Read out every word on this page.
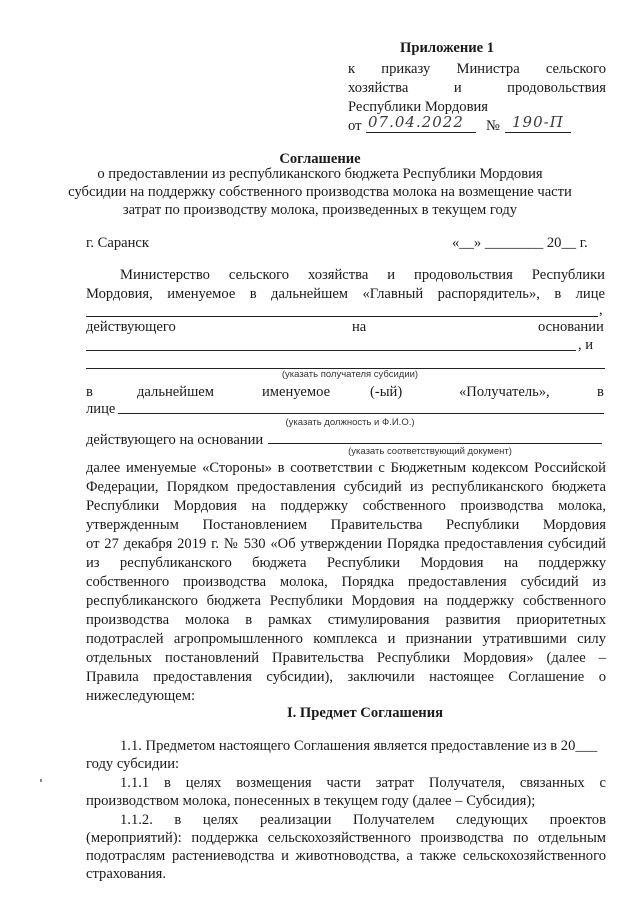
Приложение 1
к приказу Министра сельского
хозяйства и продовольствия
Республики Мордовия
от 07.04.2022 № 190-П
Соглашение
о предоставлении из республиканского бюджета Республики Мордовия
субсидии на поддержку собственного производства молока на возмещение части
затрат по производству молока, произведенных в текущем году
г. Саранск	«__» ________ 20__ г.
Министерство сельского хозяйства и продовольствия Республики
Мордовия, именуемое в дальнейшем «Главный распорядитель», в лице
,
действующего	на	основании
, и
(указать получателя субсидии)
в	дальнейшем	именуемое	(-ый)	«Получатель»,	в
лице
(указать должность и Ф.И.О.)
действующего на основании
(указать соответствующий документ)

далее именуемые «Стороны» в соответствии с Бюджетным кодексом Российской

Федерации, Порядком предоставления субсидий из республиканского бюджета

Республики Мордовия на поддержку собственного производства молока,

утвержденным Постановлением Правительства Республики Мордовия

от 27 декабря 2019 г. № 530 «Об утверждении Порядка предоставления субсидий

из республиканского бюджета Республики Мордовия на поддержку

собственного производства молока, Порядка предоставления субсидий из

республиканского бюджета Республики Мордовия на поддержку собственного

производства молока в рамках стимулирования развития приоритетных

подотраслей агропромышленного комплекса и признании утратившими силу

отдельных постановлений Правительства Республики Мордовия» (далее –

Правила предоставления субсидии), заключили настоящее Соглашение о

нижеследующем:

I. Предмет Соглашения
1.1. Предметом настоящего Соглашения является предоставление из в 20___
году субсидии:
1.1.1 в целях возмещения части затрат Получателя, связанных с
производством молока, понесенных в текущем году (далее – Субсидия);
1.1.2. в целях реализации Получателем следующих проектов
(мероприятий): поддержка сельскохозяйственного производства по отдельным
подотраслям растениеводства и животноводства, а также сельскохозяйственного
страхования.
